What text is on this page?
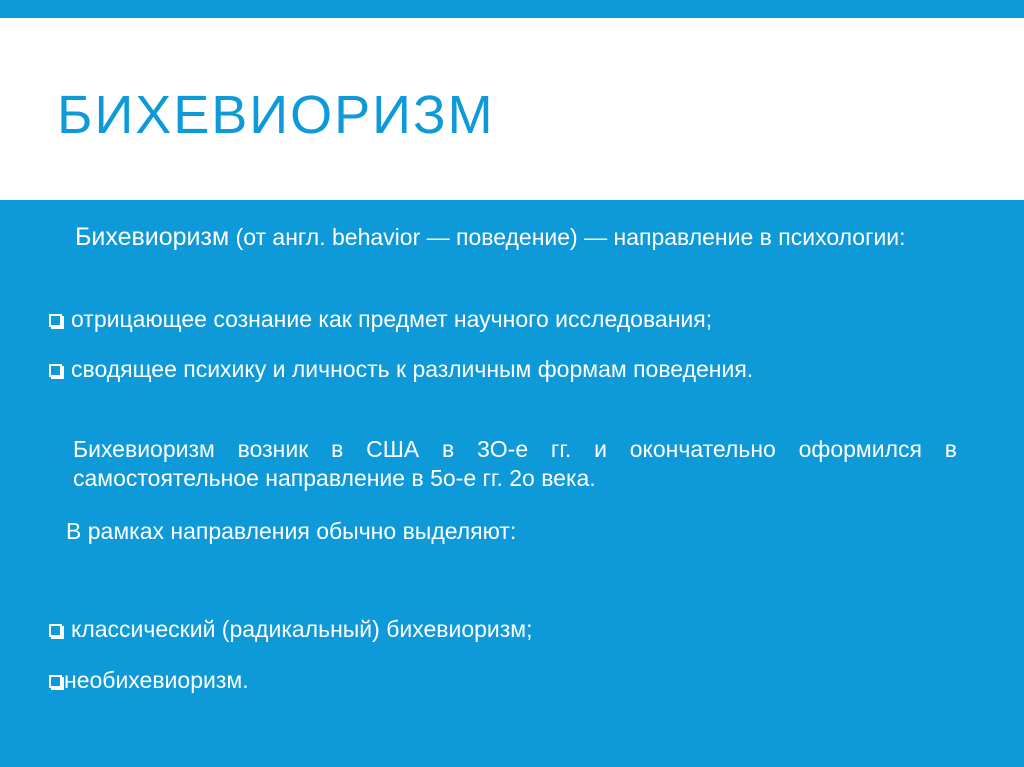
БИХЕВИОРИЗМ

Бихевиоризм (от англ. behavior — поведение) — направление в психологии:

отрицающее сознание как предмет научного исследования;
сводящее психику и личность к различным формам поведения.

Бихевиоризм возник в США в 3О-е гг. и окончательно оформился в самостоятельное направление в 5о-е гг. 2о века.

В рамках направления обычно выделяют:

классический (радикальный) бихевиоризм;
необихевиоризм.
